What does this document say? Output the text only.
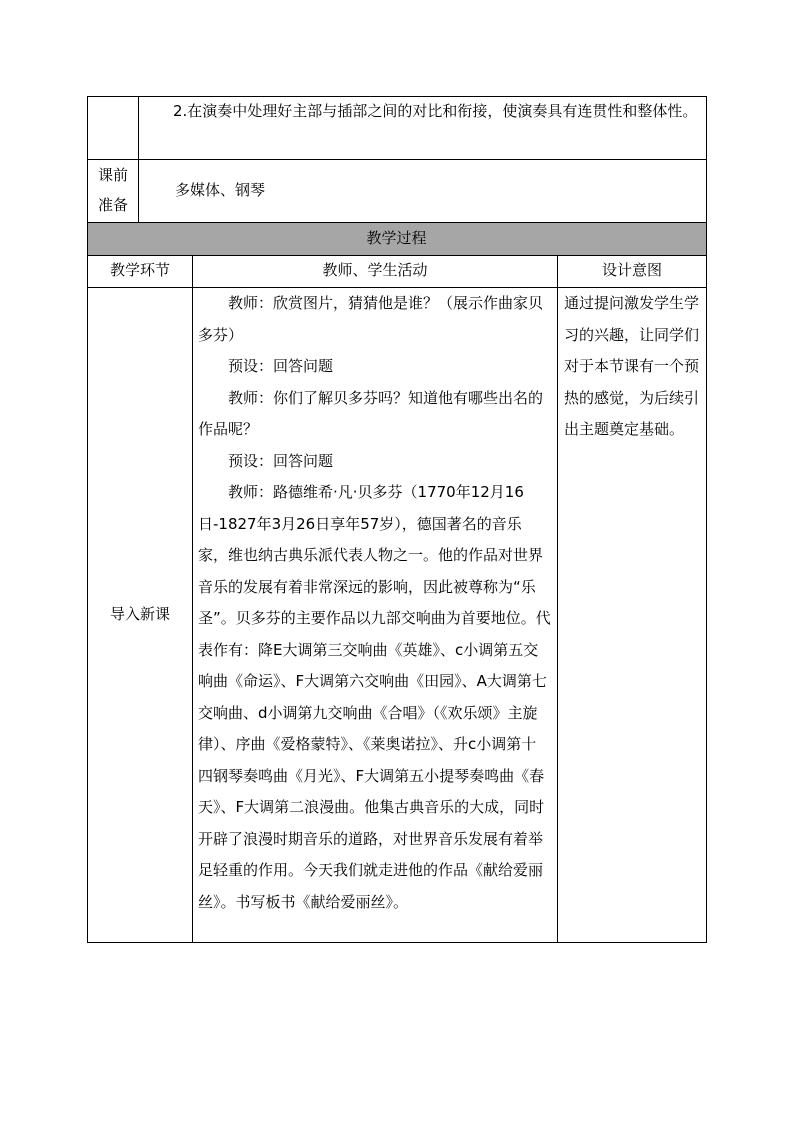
2.在演奏中处理好主部与插部之间的对比和衔接，使演奏具有连贯性和整体性。
课前
准备
多媒体、钢琴
教学过程
教学环节	教师、学生活动	设计意图
导入新课
教师：欣赏图片，猜猜他是谁？（展示作曲家贝多芬）
预设：回答问题
教师：你们了解贝多芬吗？知道他有哪些出名的作品呢？
预设：回答问题
教师：路德维希·凡·贝多芬（1770年12月16日-1827年3月26日享年57岁），德国著名的音乐家，维也纳古典乐派代表人物之一。他的作品对世界音乐的发展有着非常深远的影响，因此被尊称为“乐圣”。贝多芬的主要作品以九部交响曲为首要地位。代表作有：降E大调第三交响曲《英雄》、c小调第五交响曲《命运》、F大调第六交响曲《田园》、A大调第七交响曲、d小调第九交响曲《合唱》（《欢乐颂》主旋律）、序曲《爱格蒙特》、《莱奥诺拉》、升c小调第十四钢琴奏鸣曲《月光》、F大调第五小提琴奏鸣曲《春天》、F大调第二浪漫曲。他集古典音乐的大成，同时开辟了浪漫时期音乐的道路，对世界音乐发展有着举足轻重的作用。今天我们就走进他的作品《献给爱丽丝》。书写板书《献给爱丽丝》。
通过提问激发学生学习的兴趣，让同学们对于本节课有一个预热的感觉，为后续引出主题奠定基础。
